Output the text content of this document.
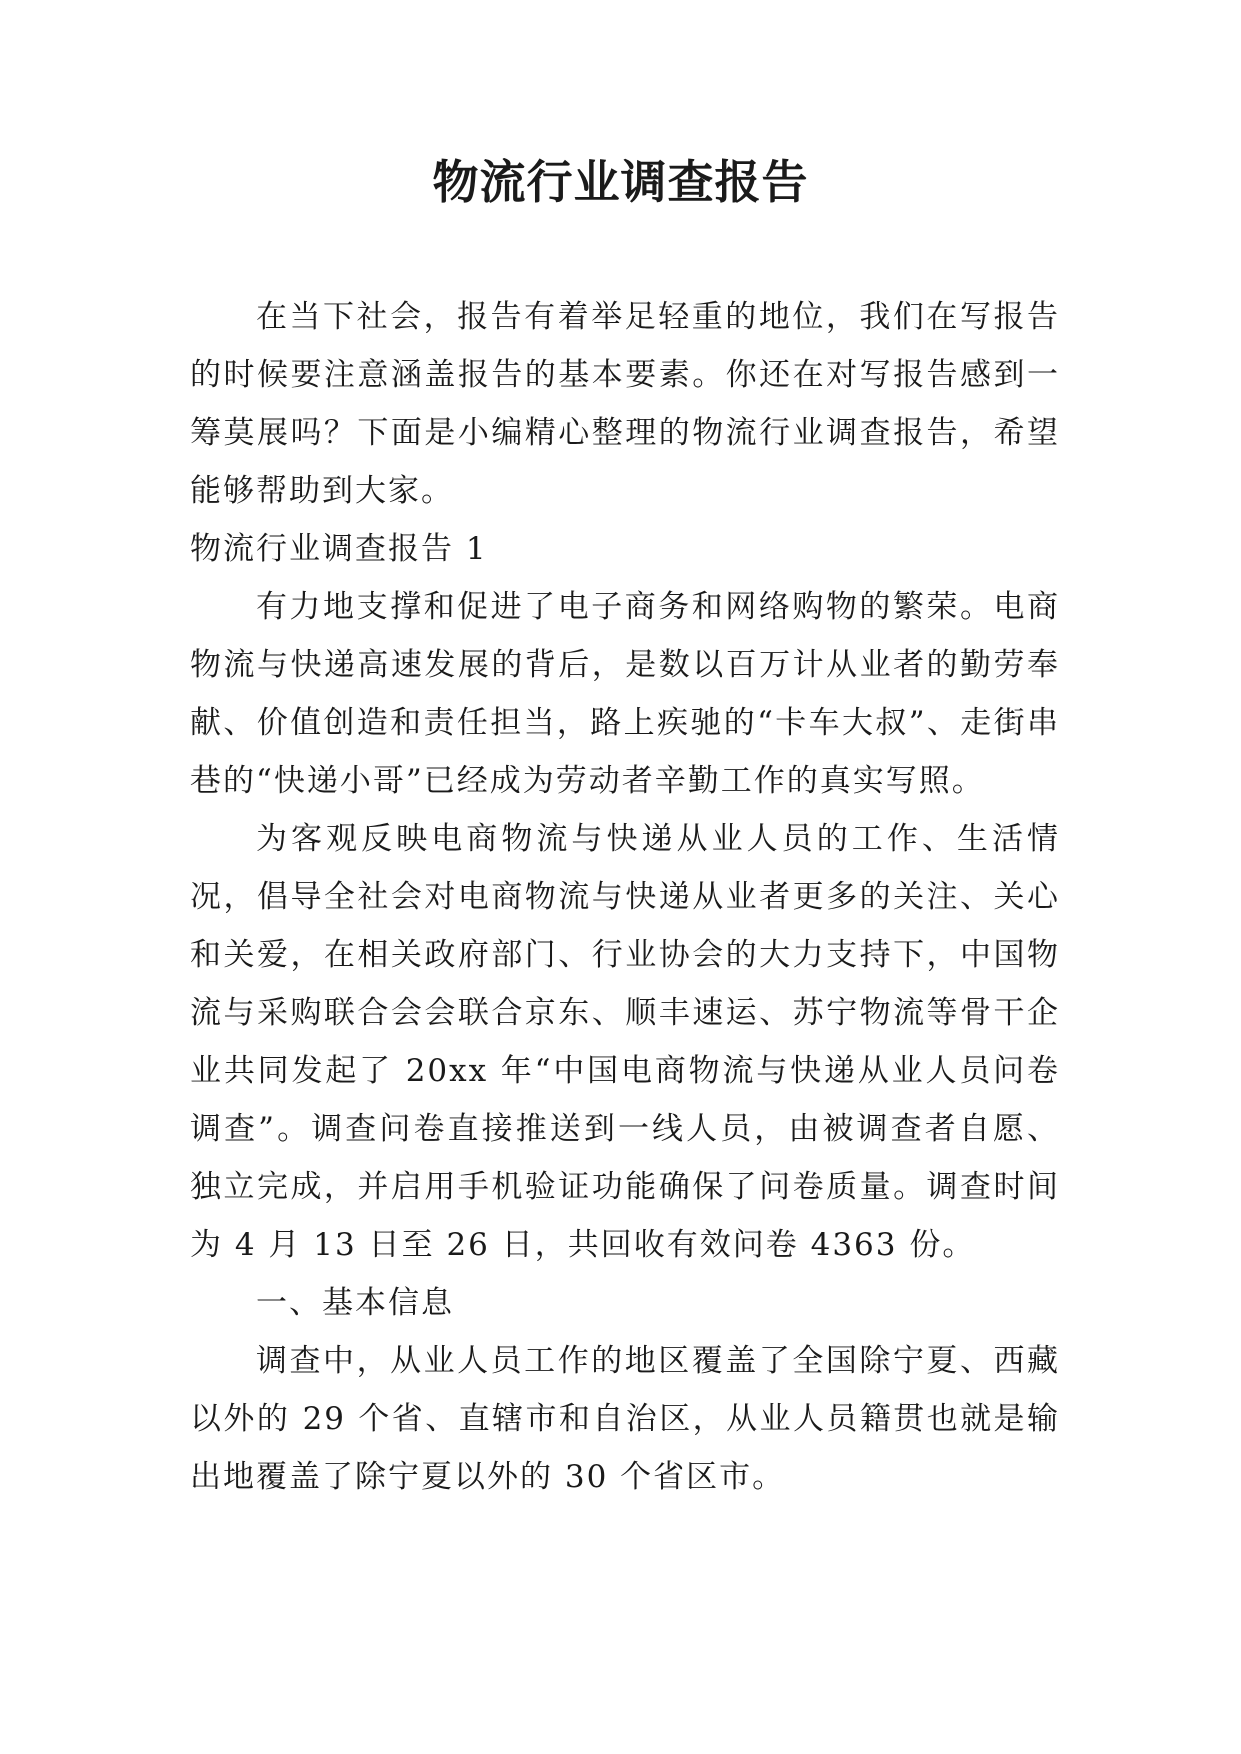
物流行业调查报告

在当下社会，报告有着举足轻重的地位，我们在写报告的时候要注意涵盖报告的基本要素。你还在对写报告感到一筹莫展吗？下面是小编精心整理的物流行业调查报告，希望能够帮助到大家。

物流行业调查报告 1

有力地支撑和促进了电子商务和网络购物的繁荣。电商物流与快递高速发展的背后，是数以百万计从业者的勤劳奉献、价值创造和责任担当，路上疾驰的“卡车大叔”、走街串巷的“快递小哥”已经成为劳动者辛勤工作的真实写照。

为客观反映电商物流与快递从业人员的工作、生活情况，倡导全社会对电商物流与快递从业者更多的关注、关心和关爱，在相关政府部门、行业协会的大力支持下，中国物流与采购联合会会联合京东、顺丰速运、苏宁物流等骨干企业共同发起了 20xx 年“中国电商物流与快递从业人员问卷调查”。调查问卷直接推送到一线人员，由被调查者自愿、独立完成，并启用手机验证功能确保了问卷质量。调查时间为 4 月 13 日至 26 日，共回收有效问卷 4363 份。

一、基本信息

调查中，从业人员工作的地区覆盖了全国除宁夏、西藏以外的 29 个省、直辖市和自治区，从业人员籍贯也就是输出地覆盖了除宁夏以外的 30 个省区市。
